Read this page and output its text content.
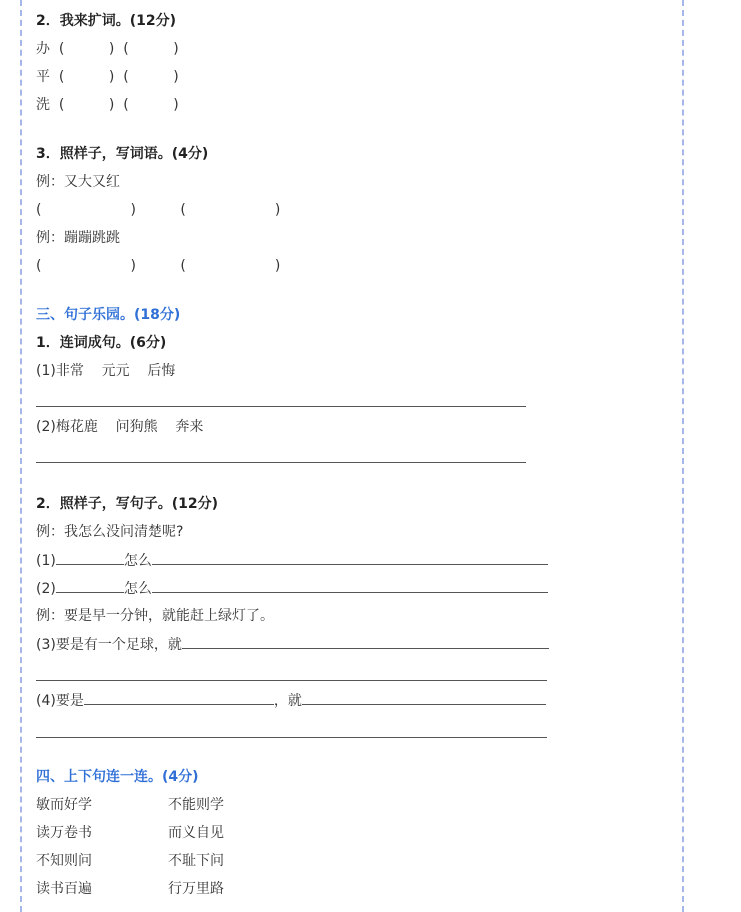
2．我来扩词。(12分)
办 (          )  (          )
平 (          )  (          )
洗 (          )  (          )
3．照样子，写词语。(4分)
例：又大又红
(                    )          (                    )
例：蹦蹦跳跳
(                    )          (                    )
三、句子乐园。(18分)
1．连词成句。(6分)
(1)非常    元元    后悔
(2)梅花鹿    问狗熊    奔来
2．照样子，写句子。(12分)
例：我怎么没问清楚呢?
(1)	怎么
(2)	怎么
例：要是早一分钟，就能赶上绿灯了。
(3)要是有一个足球，就
(4)要是	，就
四、上下句连一连。(4分)
敏而好学	不能则学
读万卷书	而义自见
不知则问	不耻下问
读书百遍	行万里路
